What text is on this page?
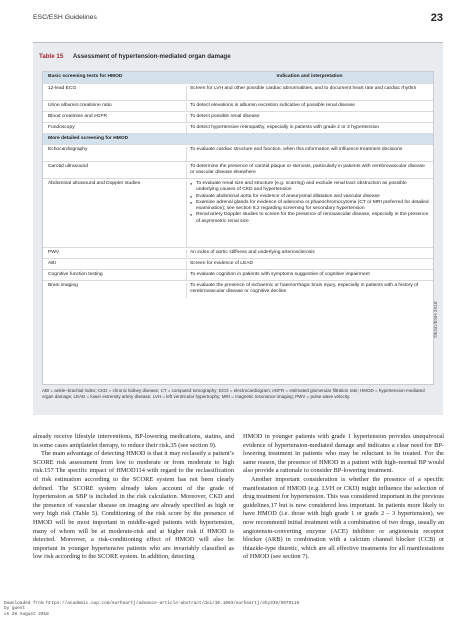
ESC/ESH Guidelines	23
Table 15 Assessment of hypertension-mediated organ damage
Basic screening tests for HMOD	Indication and interpretation
12-lead ECG	Screen for LVH and other possible cardiac abnormalities, and to document heart rate and cardiac rhythm
Urine albumin:creatinine ratio	To detect elevations in albumin excretion indicative of possible renal disease
Blood creatinine and eGFR	To detect possible renal disease
Fundoscopy	To detect hypertensive retinopathy, especially in patients with grade 2 or 3 hypertension
More detailed screening for HMOD
Echocardiography	To evaluate cardiac structure and function, when this information will influence treatment decisions
Carotid ultrasound	To determine the presence of carotid plaque or stenosis, particularly in patients with cerebrovascular disease or vascular disease elsewhere
Abdominal ultrasound and Doppler studies

●	To evaluate renal size and structure (e.g. scarring) and exclude renal tract obstruction as possible underlying causes of CKD and hypertension

● Evaluate abdominal aorta for evidence of aneurysmal dilatation and vascular disease

● Examine adrenal glands for evidence of adenoma or phaeochromocytoma (CT or MRI preferred for detailed examination); see section 8.2 regarding screening for secondary hypertension

● Renal artery Doppler studies to screen for the presence of renovascular disease, especially in the presence of asymmetric renal size

PWV	An index of aortic stiffness and underlying arteriosclerosis
ABI	Screen for evidence of LEAD
Cognitive function testing	To evaluate cognition in patients with symptoms suggestive of cognitive impairment
Brain imaging	To evaluate the presence of ischaemic or haemorrhagic brain injury, especially in patients with a history of cerebrovascular disease or cognitive decline
ABI = ankle–brachial index; CKD = chronic kidney disease; CT = computed tomography; ECG = electrocardiogram; eGFR = estimated glomerular filtration rate; HMOD = hypertension-mediated organ damage; LEAD = lower extremity artery disease; LVH = left ventricular hypertrophy; MRI = magnetic resonance imaging; PWV = pulse wave velocity.
©ESC/ESH 2018

already receive lifestyle interventions, BP-lowering medications, statins, and in some cases antiplatelet therapy, to reduce their risk.35 (see section 9).

The main advantage of detecting HMOD is that it may reclassify a patient’s SCORE risk assessment from low to moderate or from moderate to high risk.157 The specific impact of HMOD114 with regard to the reclassification of risk estimation according to the SCORE system has not been clearly defined. The SCORE system already takes account of the grade of hypertension as SBP is included in the risk calculation. Moreover, CKD and the presence of vascular disease on imaging are already specified as high or very high risk (Table 5). Conditioning of the risk score by the presence of HMOD will be most important in middle-aged patients with hypertension, many of whom will be at moderate-risk and at higher risk if HMOD is detected. Moreover, a risk-conditioning effect of HMOD will also be important in younger hypertensive patients who are invariably classified as low risk according to the SCORE system. In addition, detecting

HMOD in younger patients with grade 1 hypertension provides unequivocal evidence of hypertension-mediated damage and indicates a clear need for BP-lowering treatment in patients who may be reluctant to be treated. For the same reason, the presence of HMOD in a patient with high–normal BP would also provide a rationale to consider BP-lowering treatment.

Another important consideration is whether the presence of a specific manifestation of HMOD (e.g. LVH or CKD) might influence the selection of drug treatment for hypertension. This was considered important in the previous guidelines,17 but is now considered less important. In patients more likely to have HMOD (i.e. those with high grade 1 or grade 2 – 3 hypertension), we now recommend initial treatment with a combination of two drugs, usually an angiotensin-converting enzyme (ACE) inhibitor or angiotensin receptor blocker (ARB) in combination with a calcium channel blocker (CCB) or thiazide-type diuretic, which are all effective treatments for all manifestations of HMOD (see section 7).

Downloaded from https://academic.oup.com/eurheartj/advance-article-abstract/doi/10.1093/eurheartj/ehy339/5079119
by guest
on 28 August 2018
